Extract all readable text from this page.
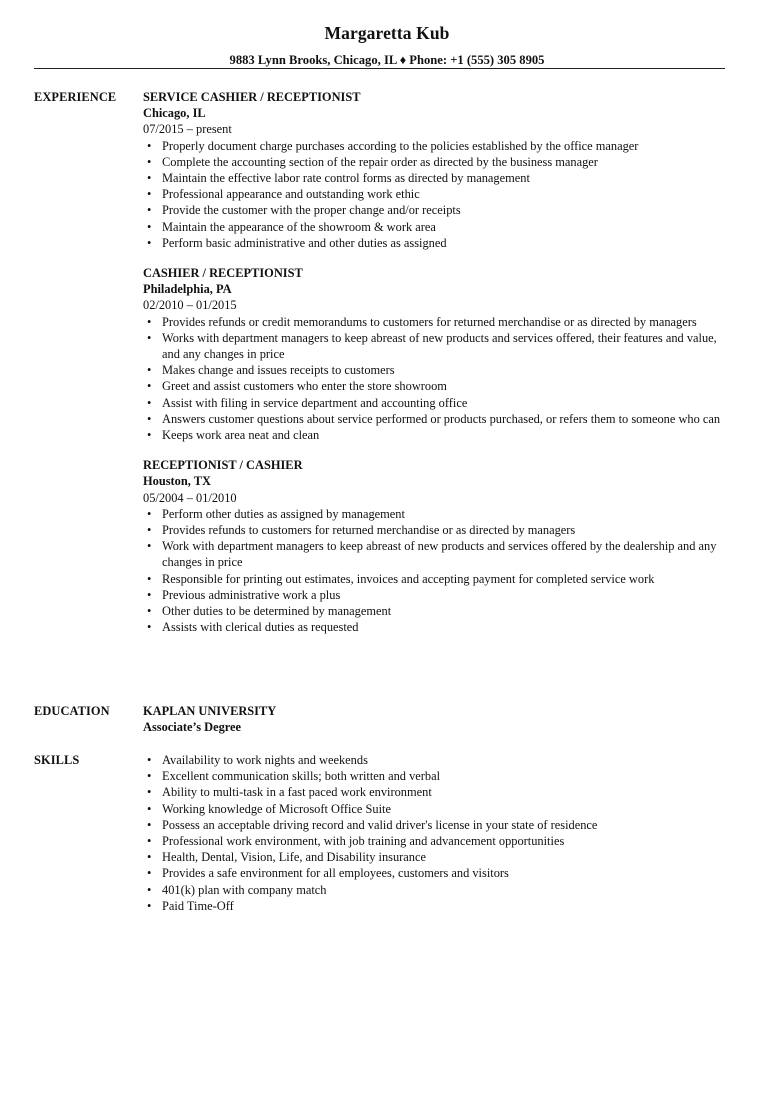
Margaretta Kub
9883 Lynn Brooks, Chicago, IL ♦ Phone: +1 (555) 305 8905
EXPERIENCE SERVICE CASHIER / RECEPTIONIST
Chicago, IL
07/2015 – present
• Properly document charge purchases according to the policies established by the office manager
• Complete the accounting section of the repair order as directed by the business manager
• Maintain the effective labor rate control forms as directed by management
• Professional appearance and outstanding work ethic
• Provide the customer with the proper change and/or receipts
• Maintain the appearance of the showroom & work area
• Perform basic administrative and other duties as assigned
CASHIER / RECEPTIONIST
Philadelphia, PA
02/2010 – 01/2015
• Provides refunds or credit memorandums to customers for returned merchandise or as directed by managers
• Works with department managers to keep abreast of new products and services offered, their features and value, and any changes in price
• Makes change and issues receipts to customers
• Greet and assist customers who enter the store showroom
• Assist with filing in service department and accounting office
• Answers customer questions about service performed or products purchased, or refers them to someone who can
• Keeps work area neat and clean
RECEPTIONIST / CASHIER
Houston, TX
05/2004 – 01/2010
• Perform other duties as assigned by management
• Provides refunds to customers for returned merchandise or as directed by managers
• Work with department managers to keep abreast of new products and services offered by the dealership and any changes in price
• Responsible for printing out estimates, invoices and accepting payment for completed service work
• Previous administrative work a plus
• Other duties to be determined by management
• Assists with clerical duties as requested
EDUCATION	KAPLAN UNIVERSITY
Associate’s Degree
SKILLS	• Availability to work nights and weekends
• Excellent communication skills; both written and verbal
• Ability to multi-task in a fast paced work environment
• Working knowledge of Microsoft Office Suite
• Possess an acceptable driving record and valid driver's license in your state of residence
• Professional work environment, with job training and advancement opportunities
• Health, Dental, Vision, Life, and Disability insurance
• Provides a safe environment for all employees, customers and visitors
• 401(k) plan with company match
• Paid Time-Off
